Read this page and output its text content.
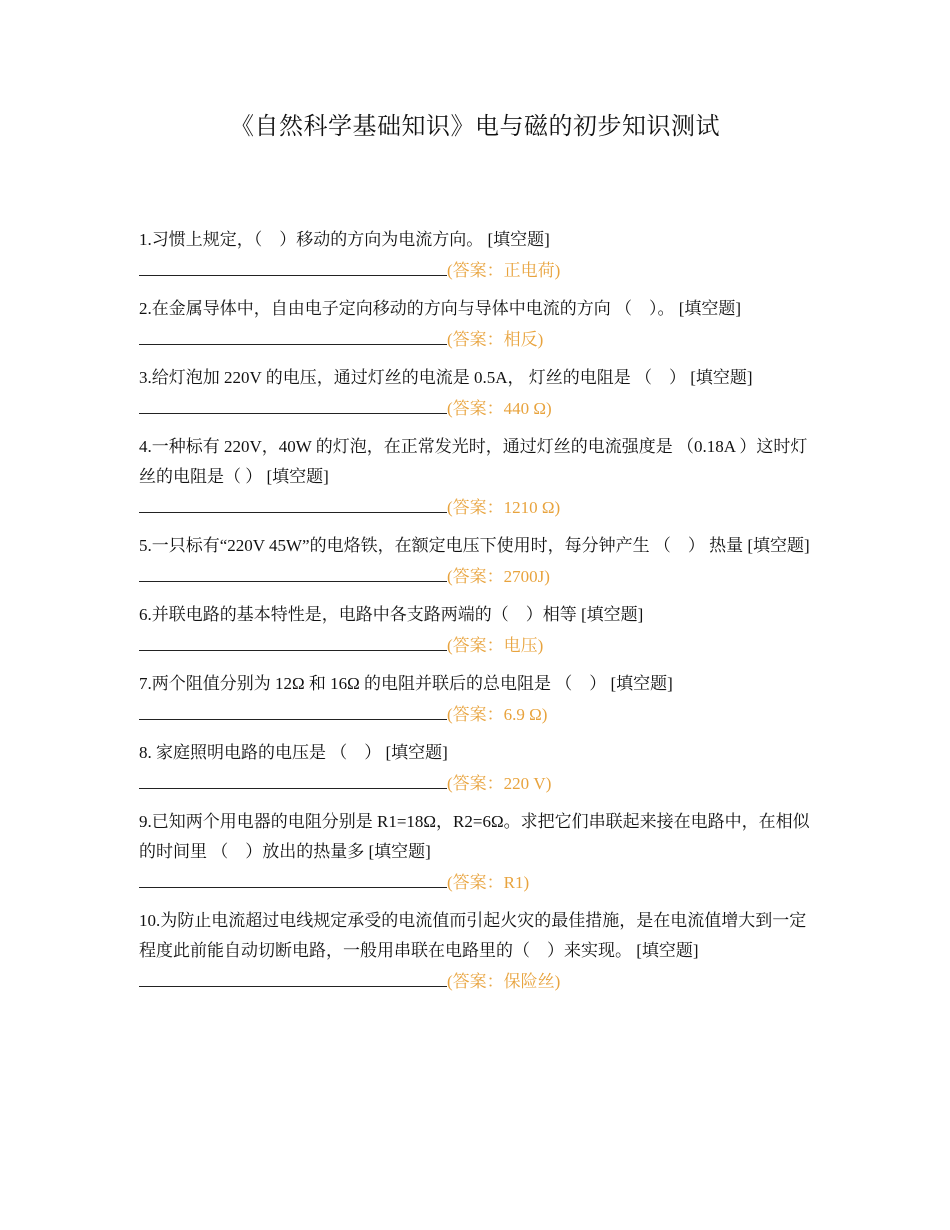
《自然科学基础知识》电与磁的初步知识测试
1.习惯上规定，（　）移动的方向为电流方向。 [填空题]
(答案：正电荷)
2.在金属导体中，自由电子定向移动的方向与导体中电流的方向 （　）。 [填空题]
(答案：相反)
3.给灯泡加 220V 的电压，通过灯丝的电流是 0.5A， 灯丝的电阻是 （　） [填空题]
(答案：440 Ω)
4.一种标有 220V，40W 的灯泡，在正常发光时，通过灯丝的电流强度是 （0.18A ）这时灯丝的电阻是（ ） [填空题]
(答案：1210 Ω)
5.一只标有“220V 45W”的电烙铁，在额定电压下使用时，每分钟产生 （　） 热量 [填空题]
(答案：2700J)
6.并联电路的基本特性是，电路中各支路两端的（　）相等 [填空题]
(答案：电压)
7.两个阻值分别为 12Ω 和 16Ω 的电阻并联后的总电阻是 （　） [填空题]
(答案：6.9 Ω)
8. 家庭照明电路的电压是 （　） [填空题]
(答案：220 V)
9.已知两个用电器的电阻分别是 R1=18Ω，R2=6Ω。求把它们串联起来接在电路中，在相似的时间里 （　）放出的热量多 [填空题]
(答案：R1)
10.为防止电流超过电线规定承受的电流值而引起火灾的最佳措施，是在电流值增大到一定程度此前能自动切断电路，一般用串联在电路里的（　）来实现。 [填空题]
(答案：保险丝)
